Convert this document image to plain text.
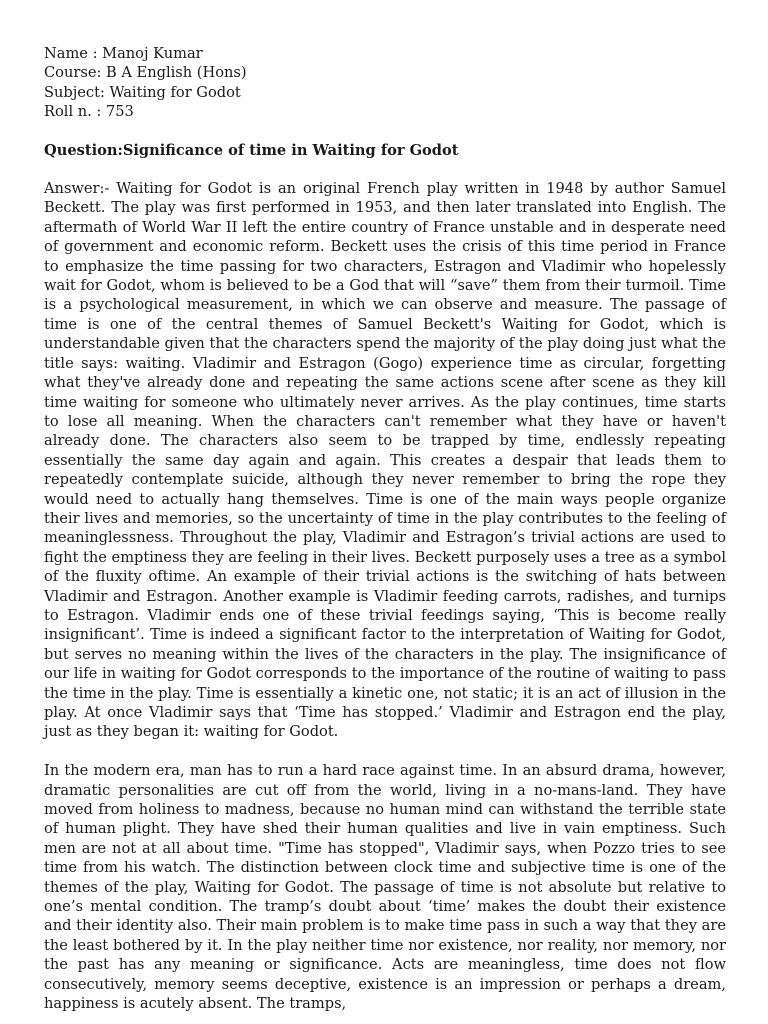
Name : Manoj Kumar

Course: B A English (Hons)

Subject: Waiting for Godot

Roll n. : 753

Question:Significance of time in Waiting for Godot

Answer:- Waiting for Godot is an original French play written in 1948 by author Samuel Beckett. The play was first performed in 1953, and then later translated into English. The aftermath of World War II left the entire country of France unstable and in desperate need of government and economic reform. Beckett uses the crisis of this time period in France to emphasize the time passing for two characters, Estragon and Vladimir who hopelessly wait for Godot, whom is believed to be a God that will “save” them from their turmoil. Time is a psychological measurement, in which we can observe and measure. The passage of time is one of the central themes of Samuel Beckett's Waiting for Godot, which is understandable given that the characters spend the majority of the play doing just what the title says: waiting. Vladimir and Estragon (Gogo) experience time as circular, forgetting what they've already done and repeating the same actions scene after scene as they kill time waiting for someone who ultimately never arrives. As the play continues, time starts to lose all meaning. When the characters can't remember what they have or haven't already done. The characters also seem to be trapped by time, endlessly repeating essentially the same day again and again. This creates a despair that leads them to repeatedly contemplate suicide, although they never remember to bring the rope they would need to actually hang themselves. Time is one of the main ways people organize their lives and memories, so the uncertainty of time in the play contributes to the feeling of meaninglessness. Throughout the play, Vladimir and Estragon’s trivial actions are used to fight the emptiness they are feeling in their lives. Beckett purposely uses a tree as a symbol of the fluxity oftime. An example of their trivial actions is the switching of hats between Vladimir and Estragon. Another example is Vladimir feeding carrots, radishes, and turnips to Estragon. Vladimir ends one of these trivial feedings saying, ‘This is become really insignificant’. Time is indeed a significant factor to the interpretation of Waiting for Godot, but serves no meaning within the lives of the characters in the play. The insignificance of our life in waiting for Godot corresponds to the importance of the routine of waiting to pass the time in the play. Time is essentially a kinetic one, not static; it is an act of illusion in the play. At once Vladimir says that ‘Time has stopped.’ Vladimir and Estragon end the play, just as they began it: waiting for Godot.

In the modern era, man has to run a hard race against time. In an absurd drama, however, dramatic personalities are cut off from the world, living in a no-mans-land. They have moved from holiness to madness, because no human mind can withstand the terrible state of human plight. They have shed their human qualities and live in vain emptiness. Such men are not at all about time. "Time has stopped", Vladimir says, when Pozzo tries to see time from his watch. The distinction between clock time and subjective time is one of the themes of the play, Waiting for Godot. The passage of time is not absolute but relative to one’s mental condition. The tramp’s doubt about ‘time’ makes the doubt their existence and their identity also. Their main problem is to make time pass in such a way that they are the least bothered by it. In the play neither time nor existence, nor reality, nor memory, nor the past has any meaning or significance. Acts are meaningless, time does not flow consecutively, memory seems deceptive, existence is an impression or perhaps a dream, happiness is acutely absent. The tramps,
